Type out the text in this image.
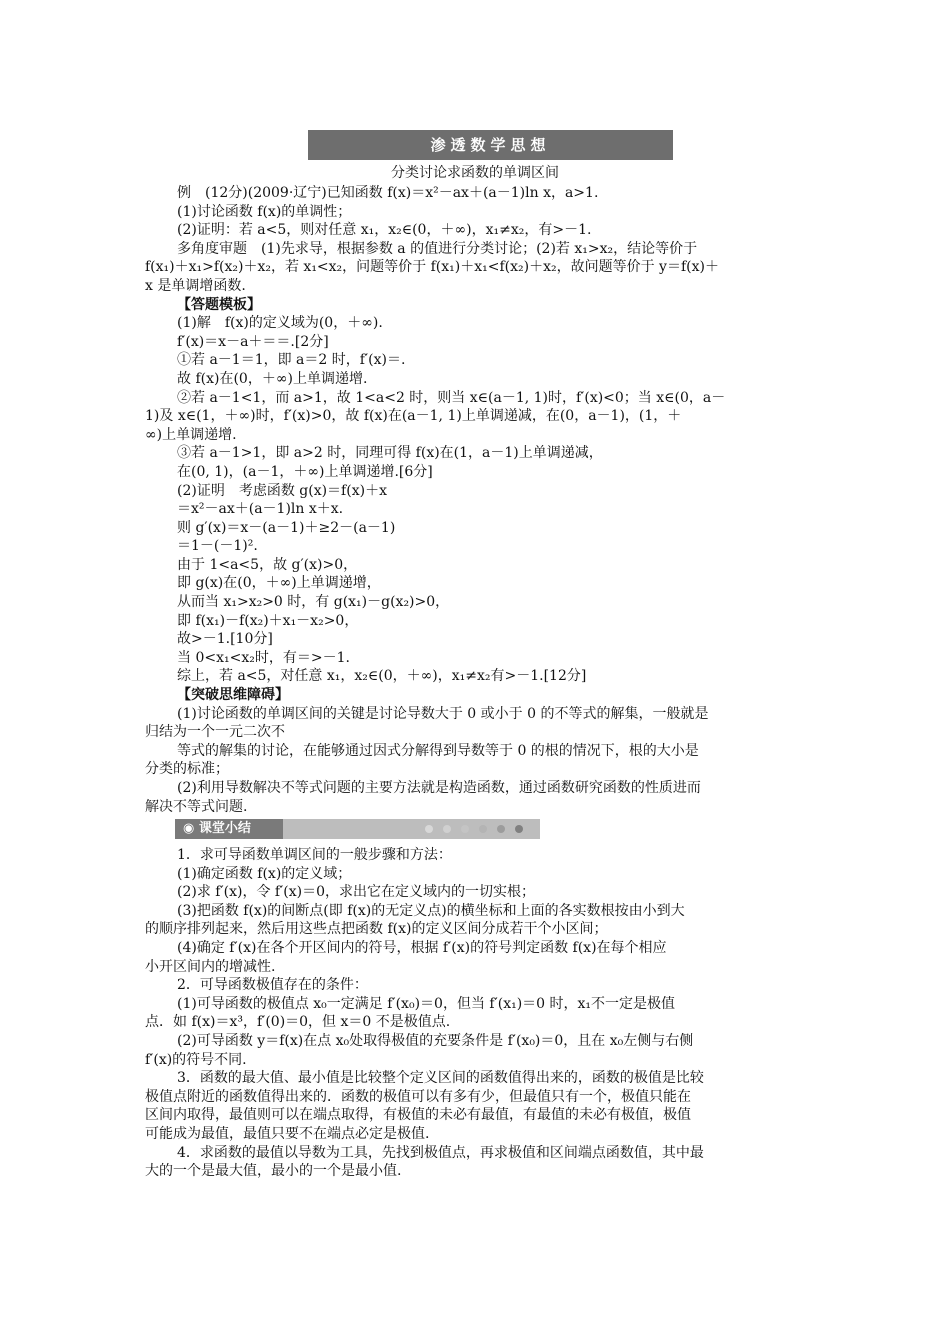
渗透数学思想
分类讨论求函数的单调区间
例　(12分)(2009·辽宁)已知函数 f(x)＝x²－ax＋(a－1)ln x，a>1.
(1)讨论函数 f(x)的单调性；
(2)证明：若 a<5，则对任意 x₁，x₂∈(0，＋∞)，x₁≠x₂，有>－1.
多角度审题　(1)先求导，根据参数 a 的值进行分类讨论；(2)若 x₁>x₂，结论等价于
f(x₁)＋x₁>f(x₂)＋x₂，若 x₁<x₂，问题等价于 f(x₁)＋x₁<f(x₂)＋x₂，故问题等价于 y＝f(x)＋
x 是单调增函数.
【答题模板】
(1)解　f(x)的定义域为(0，＋∞).
f′(x)＝x－a＋＝＝.[2分]
①若 a－1＝1，即 a＝2 时，f′(x)＝.
故 f(x)在(0，＋∞)上单调递增.
②若 a－1<1，而 a>1，故 1<a<2 时，则当 x∈(a－1, 1)时，f′(x)<0；当 x∈(0，a－
1)及 x∈(1，＋∞)时，f′(x)>0，故 f(x)在(a－1, 1)上单调递减，在(0，a－1)，(1，＋
∞)上单调递增.
③若 a－1>1，即 a>2 时，同理可得 f(x)在(1，a－1)上单调递减，
在(0, 1)，(a－1，＋∞)上单调递增.[6分]
(2)证明　考虑函数 g(x)＝f(x)＋x
＝x²－ax＋(a－1)ln x＋x.
则 g′(x)＝x－(a－1)＋≥2－(a－1)
＝1－(－1)².
由于 1<a<5，故 g′(x)>0，
即 g(x)在(0，＋∞)上单调递增，
从而当 x₁>x₂>0 时，有 g(x₁)－g(x₂)>0，
即 f(x₁)－f(x₂)＋x₁－x₂>0，
故>－1.[10分]
当 0<x₁<x₂时，有＝>－1.
综上，若 a<5，对任意 x₁，x₂∈(0，＋∞)，x₁≠x₂有>－1.[12分]
【突破思维障碍】
(1)讨论函数的单调区间的关键是讨论导数大于 0 或小于 0 的不等式的解集，一般就是
归结为一个一元二次不
等式的解集的讨论，在能够通过因式分解得到导数等于 0 的根的情况下，根的大小是
分类的标准；
(2)利用导数解决不等式问题的主要方法就是构造函数，通过函数研究函数的性质进而
解决不等式问题.
◉ 课堂小结
1．求可导函数单调区间的一般步骤和方法：
(1)确定函数 f(x)的定义域；
(2)求 f′(x)，令 f′(x)＝0，求出它在定义域内的一切实根；
(3)把函数 f(x)的间断点(即 f(x)的无定义点)的横坐标和上面的各实数根按由小到大
的顺序排列起来，然后用这些点把函数 f(x)的定义区间分成若干个小区间；
(4)确定 f′(x)在各个开区间内的符号，根据 f′(x)的符号判定函数 f(x)在每个相应
小开区间内的增减性.
2．可导函数极值存在的条件：
(1)可导函数的极值点 x₀一定满足 f′(x₀)＝0，但当 f′(x₁)＝0 时，x₁不一定是极值
点．如 f(x)＝x³，f′(0)＝0，但 x＝0 不是极值点.
(2)可导函数 y＝f(x)在点 x₀处取得极值的充要条件是 f′(x₀)＝0，且在 x₀左侧与右侧
f′(x)的符号不同.
3．函数的最大值、最小值是比较整个定义区间的函数值得出来的，函数的极值是比较
极值点附近的函数值得出来的．函数的极值可以有多有少，但最值只有一个，极值只能在
区间内取得，最值则可以在端点取得，有极值的未必有最值，有最值的未必有极值，极值
可能成为最值，最值只要不在端点必定是极值.
4．求函数的最值以导数为工具，先找到极值点，再求极值和区间端点函数值，其中最
大的一个是最大值，最小的一个是最小值.
